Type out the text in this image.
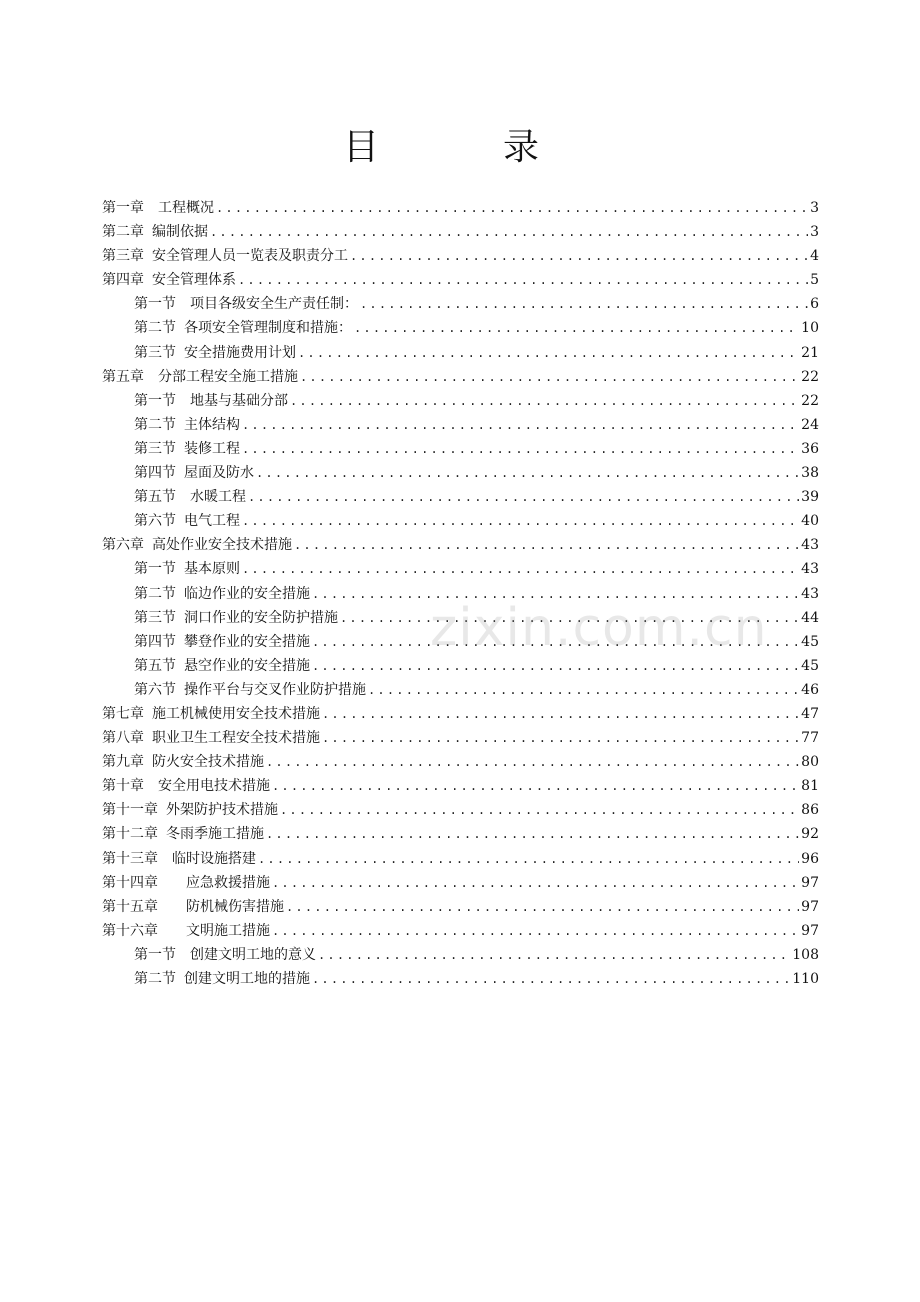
目　录
第一章　 工程概况 .....	3
第二章 编制依据 .....	3
第三章 安全管理人员一览表及职责分工 .....	4
第四章 安全管理体系 .....	5
第一节　 项目各级安全生产责任制： .....	6
第二节 各项安全管理制度和措施： .....	10
第三节 安全措施费用计划 .....	21
第五章　 分部工程安全施工措施 .....	22
第一节　 地基与基础分部 .....	22
第二节 主体结构 .....	24
第三节 装修工程 .....	36
第四节 屋面及防水 .....	38
第五节　 水暖工程 .....	39
第六节 电气工程 .....	40
第六章 高处作业安全技术措施 .....	43
第一节 基本原则 .....	43
第二节 临边作业的安全措施 .....	43
第三节 洞口作业的安全防护措施 .....	44
第四节 攀登作业的安全措施 .....	45
第五节 悬空作业的安全措施 .....	45
第六节 操作平台与交叉作业防护措施 .....	46
第七章 施工机械使用安全技术措施 .....	47
第八章 职业卫生工程安全技术措施 .....	77
第九章 防火安全技术措施 .....	80
第十章　 安全用电技术措施 .....	81
第十一章 外架防护技术措施 .....	86
第十二章 冬雨季施工措施 .....	92
第十三章　 临时设施搭建 .....	96
第十四章　　 应急救援措施 .....	97
第十五章　　 防机械伤害措施 .....	97
第十六章　　 文明施工措施 .....	97
第一节　 创建文明工地的意义 .....	108
第二节 创建文明工地的措施 .....	110
zixin.com.cn
